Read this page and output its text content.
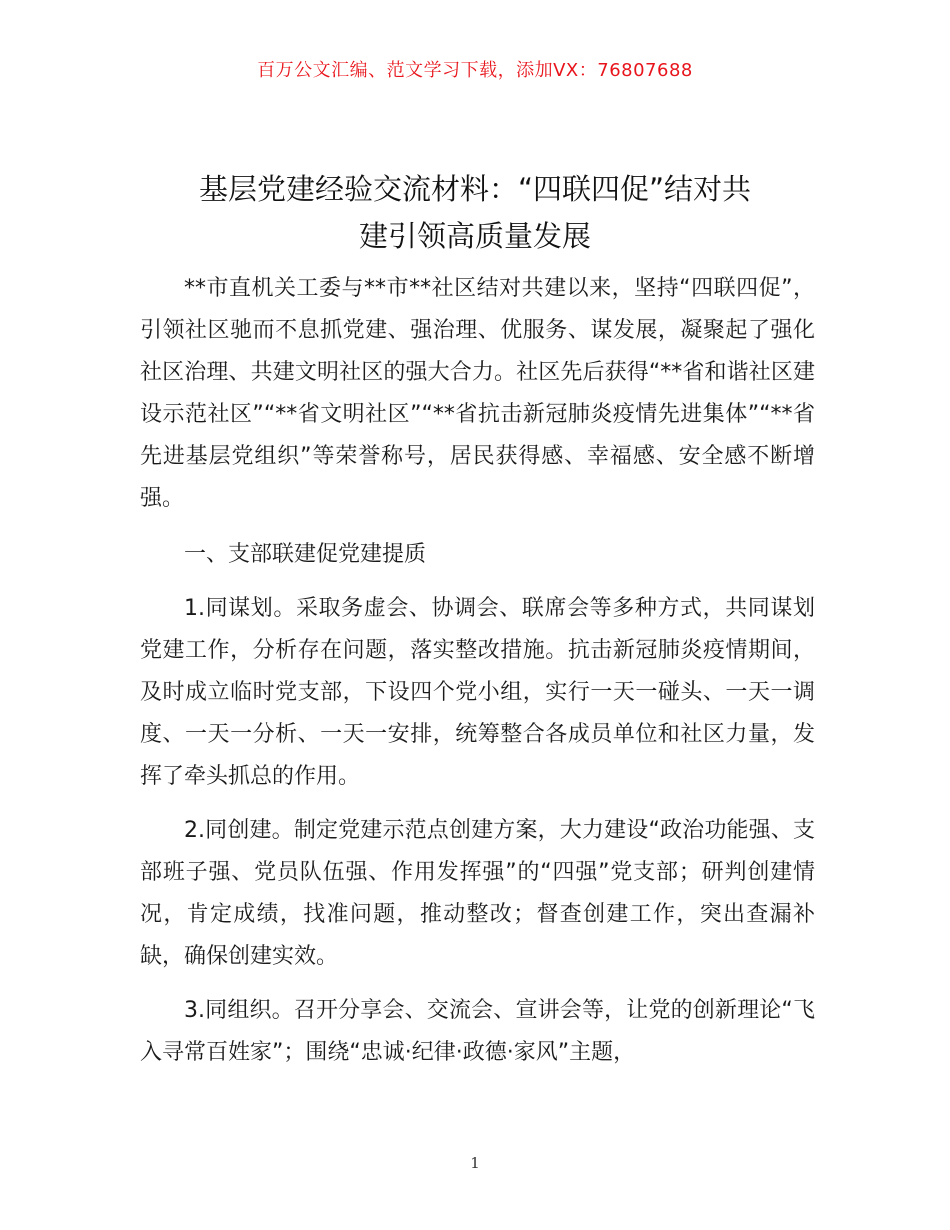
百万公文汇编、范文学习下载，添加VX：76807688
基层党建经验交流材料：“四联四促”结对共
建引领高质量发展

**市直机关工委与**市**社区结对共建以来，坚持“四联四促”，引领社区驰而不息抓党建、强治理、优服务、谋发展，凝聚起了强化社区治理、共建文明社区的强大合力。社区先后获得“**省和谐社区建设示范社区”“**省文明社区”“**省抗击新冠肺炎疫情先进集体”“**省先进基层党组织”等荣誉称号，居民获得感、幸福感、安全感不断增强。

一、支部联建促党建提质

1.同谋划。采取务虚会、协调会、联席会等多种方式，共同谋划党建工作，分析存在问题，落实整改措施。抗击新冠肺炎疫情期间，及时成立临时党支部，下设四个党小组，实行一天一碰头、一天一调度、一天一分析、一天一安排，统筹整合各成员单位和社区力量，发挥了牵头抓总的作用。

2.同创建。制定党建示范点创建方案，大力建设“政治功能强、支部班子强、党员队伍强、作用发挥强”的“四强”党支部；研判创建情况，肯定成绩，找准问题，推动整改；督查创建工作，突出查漏补缺，确保创建实效。

3.同组织。召开分享会、交流会、宣讲会等，让党的创新理论“飞入寻常百姓家”；围绕“忠诚·纪律·政德·家风”主题，

1
